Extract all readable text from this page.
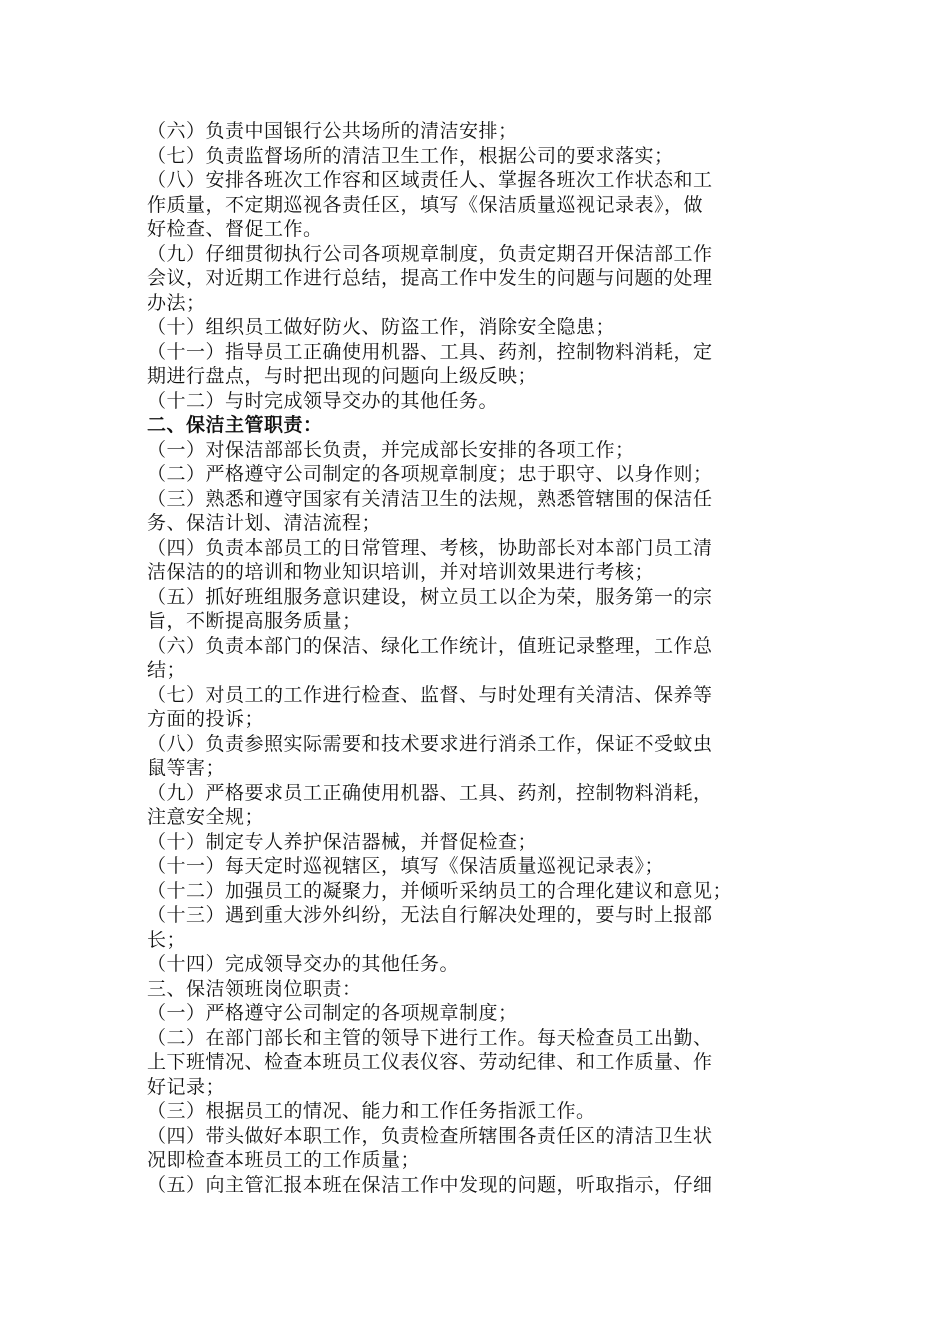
（六）负责中国银行公共场所的清洁安排；
（七）负责监督场所的清洁卫生工作，根据公司的要求落实；
（八）安排各班次工作容和区域责任人、掌握各班次工作状态和工
作质量，不定期巡视各责任区，填写《保洁质量巡视记录表》，做
好检查、督促工作。
（九）仔细贯彻执行公司各项规章制度，负责定期召开保洁部工作
会议，对近期工作进行总结，提高工作中发生的问题与问题的处理
办法；
（十）组织员工做好防火、防盗工作，消除安全隐患；
（十一）指导员工正确使用机器、工具、药剂，控制物料消耗，定
期进行盘点，与时把出现的问题向上级反映；
（十二）与时完成领导交办的其他任务。
二、保洁主管职责：
（一）对保洁部部长负责，并完成部长安排的各项工作；
（二）严格遵守公司制定的各项规章制度；忠于职守、以身作则；
（三）熟悉和遵守国家有关清洁卫生的法规，熟悉管辖围的保洁任
务、保洁计划、清洁流程；
（四）负责本部员工的日常管理、考核，协助部长对本部门员工清
洁保洁的的培训和物业知识培训，并对培训效果进行考核；
（五）抓好班组服务意识建设，树立员工以企为荣，服务第一的宗
旨，不断提高服务质量；
（六）负责本部门的保洁、绿化工作统计，值班记录整理，工作总
结；
（七）对员工的工作进行检查、监督、与时处理有关清洁、保养等
方面的投诉；
（八）负责参照实际需要和技术要求进行消杀工作，保证不受蚊虫
鼠等害；
（九）严格要求员工正确使用机器、工具、药剂，控制物料消耗，
注意安全规；
（十）制定专人养护保洁器械，并督促检查；
（十一）每天定时巡视辖区，填写《保洁质量巡视记录表》；
（十二）加强员工的凝聚力，并倾听采纳员工的合理化建议和意见；
（十三）遇到重大涉外纠纷，无法自行解决处理的，要与时上报部
长；
（十四）完成领导交办的其他任务。
三、保洁领班岗位职责：
（一）严格遵守公司制定的各项规章制度；
（二）在部门部长和主管的领导下进行工作。每天检查员工出勤、
上下班情况、检查本班员工仪表仪容、劳动纪律、和工作质量、作
好记录；
（三）根据员工的情况、能力和工作任务指派工作。
（四）带头做好本职工作，负责检查所辖围各责任区的清洁卫生状
况即检查本班员工的工作质量；
（五）向主管汇报本班在保洁工作中发现的问题，听取指示，仔细
